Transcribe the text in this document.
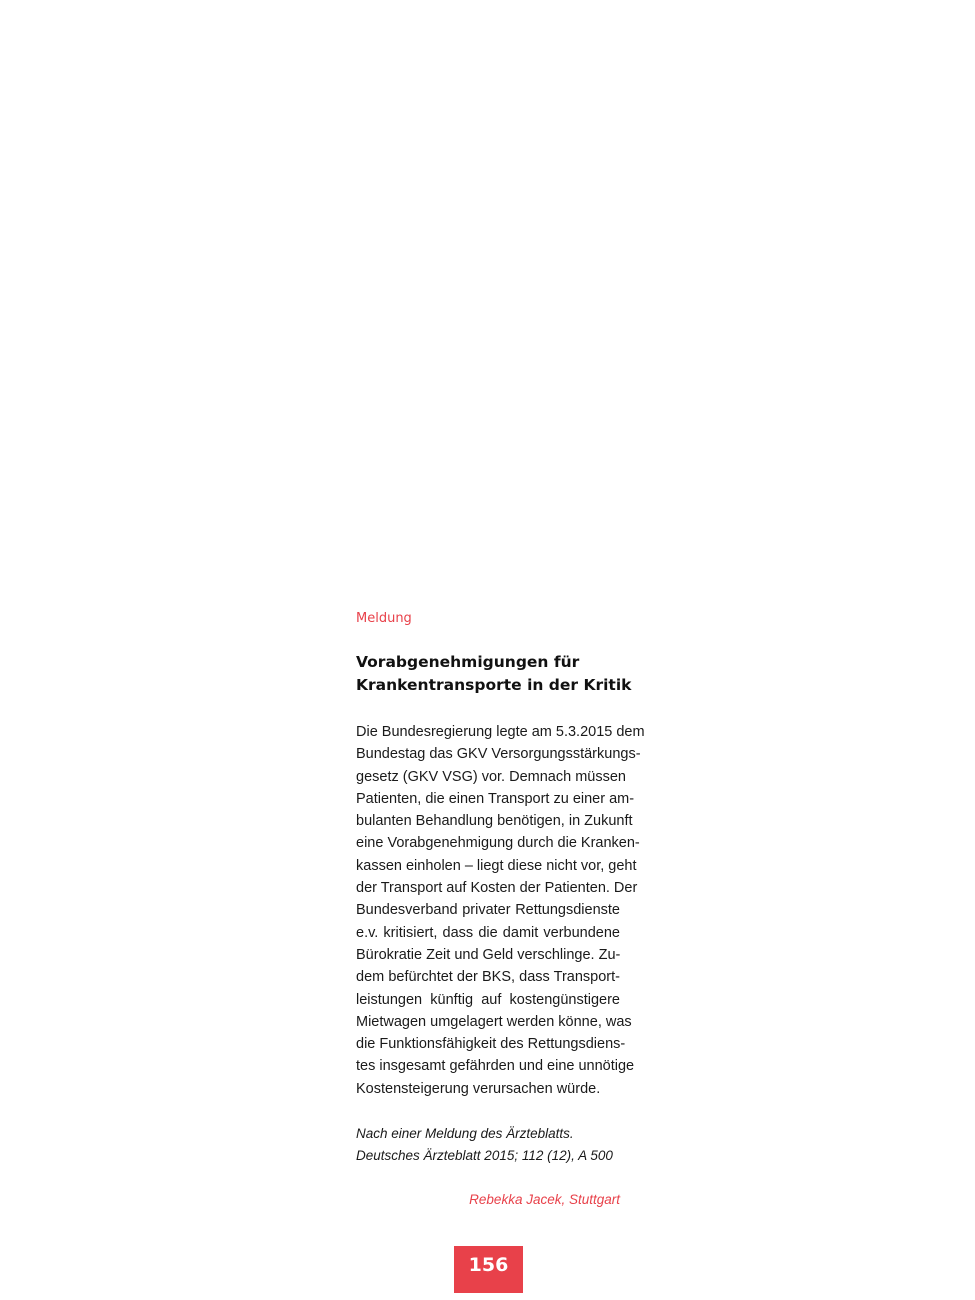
Meldung

Vorabgenehmigungen für
Krankentransporte in der Kritik
Die Bundesregierung legte am 5.3.2015 dem
Bundestag das GKV Versorgungsstärkungs-
gesetz (GKV VSG) vor. Demnach müssen
Patienten, die einen Transport zu einer am-
bulanten Behandlung benötigen, in Zukunft
eine Vorabgenehmigung durch die Kranken-
kassen einholen – liegt diese nicht vor, geht
der Transport auf Kosten der Patienten. Der
Bundesverband privater Rettungsdienste
e.v. kritisiert, dass die damit verbundene
Bürokratie Zeit und Geld verschlinge. Zu-
dem befürchtet der BKS, dass Transport-
leistungen künftig auf kostengünstigere
Mietwagen umgelagert werden könne, was
die Funktionsfähigkeit des Rettungsdiens-
tes insgesamt gefährden und eine unnötige
Kostensteigerung verursachen würde.
Nach einer Meldung des Ärzteblatts.
Deutsches Ärzteblatt 2015; 112 (12), A 500

Rebekka Jacek, Stuttgart

156
